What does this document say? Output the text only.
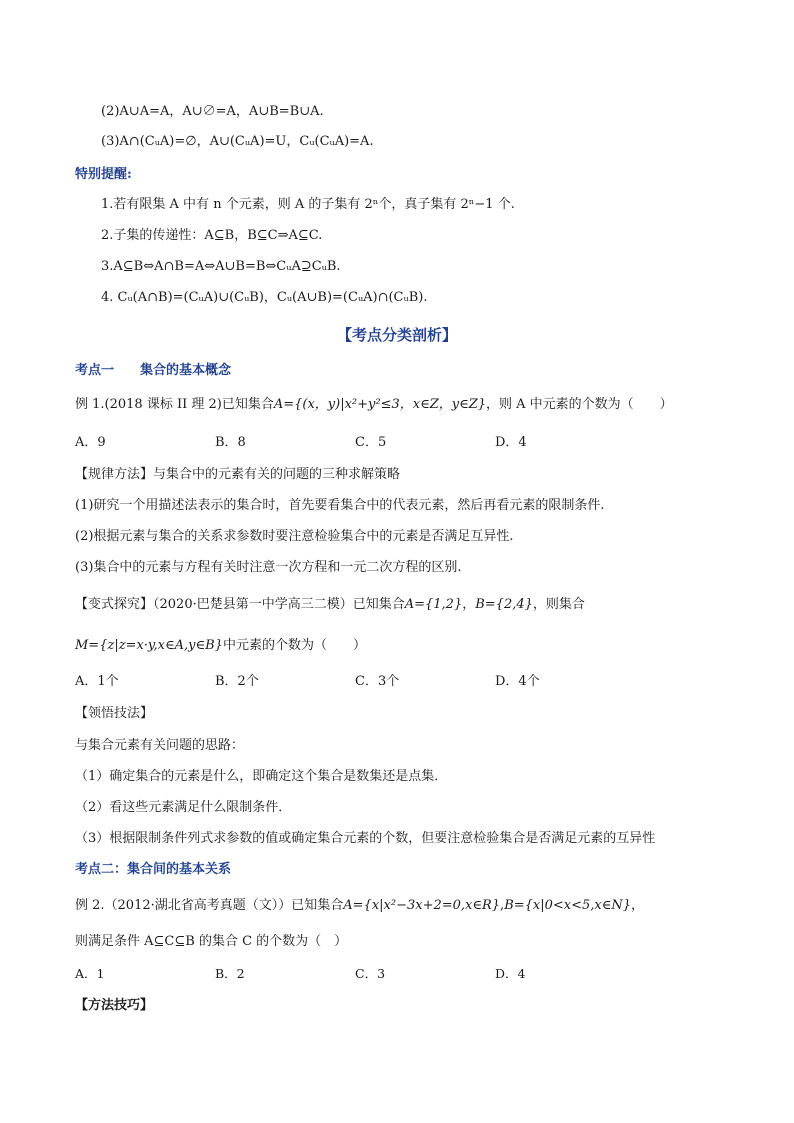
(2)A∪A=A，A∪∅=A，A∪B=B∪A.
(3)A∩(CᵤA)=∅，A∪(CᵤA)=U，Cᵤ(CᵤA)=A.
特别提醒:
1.若有限集 A 中有 n 个元素，则 A 的子集有 2ⁿ个，真子集有 2ⁿ−1 个.
2.子集的传递性：A⊆B，B⊆C⇒A⊆C.
3.A⊆B⇔A∩B=A⇔A∪B=B⇔CᵤA⊇CᵤB.
4. Cᵤ(A∩B)=(CᵤA)∪(CᵤB)，Cᵤ(A∪B)=(CᵤA)∩(CᵤB).
【考点分类剖析】
考点一　　集合的基本概念
例 1.(2018 课标 II 理 2)已知集合A={(x，y)|x²+y²≤3，x∈Z，y∈Z}，则 A 中元素的个数为（　　）
A．9	B．8	C．5	D．4
【规律方法】与集合中的元素有关的问题的三种求解策略
(1)研究一个用描述法表示的集合时，首先要看集合中的代表元素，然后再看元素的限制条件.
(2)根据元素与集合的关系求参数时要注意检验集合中的元素是否满足互异性.
(3)集合中的元素与方程有关时注意一次方程和一元二次方程的区别.
【变式探究】（2020·巴楚县第一中学高三二模）已知集合A={1,2}，B={2,4}，则集合
M={z|z=x·y,x∈A,y∈B}中元素的个数为（　　）
A．1个	B．2个	C．3个	D．4个
【领悟技法】
与集合元素有关问题的思路：
（1）确定集合的元素是什么，即确定这个集合是数集还是点集．
（2）看这些元素满足什么限制条件．
（3）根据限制条件列式求参数的值或确定集合元素的个数，但要注意检验集合是否满足元素的互异性
考点二：集合间的基本关系
例 2.（2012·湖北省高考真题（文））已知集合A={x|x²−3x+2=0,x∈R},B={x|0<x<5,x∈N}，
则满足条件 A⊆C⊆B 的集合 C 的个数为（　）
A．1	B．2	C．3	D．4
【方法技巧】
